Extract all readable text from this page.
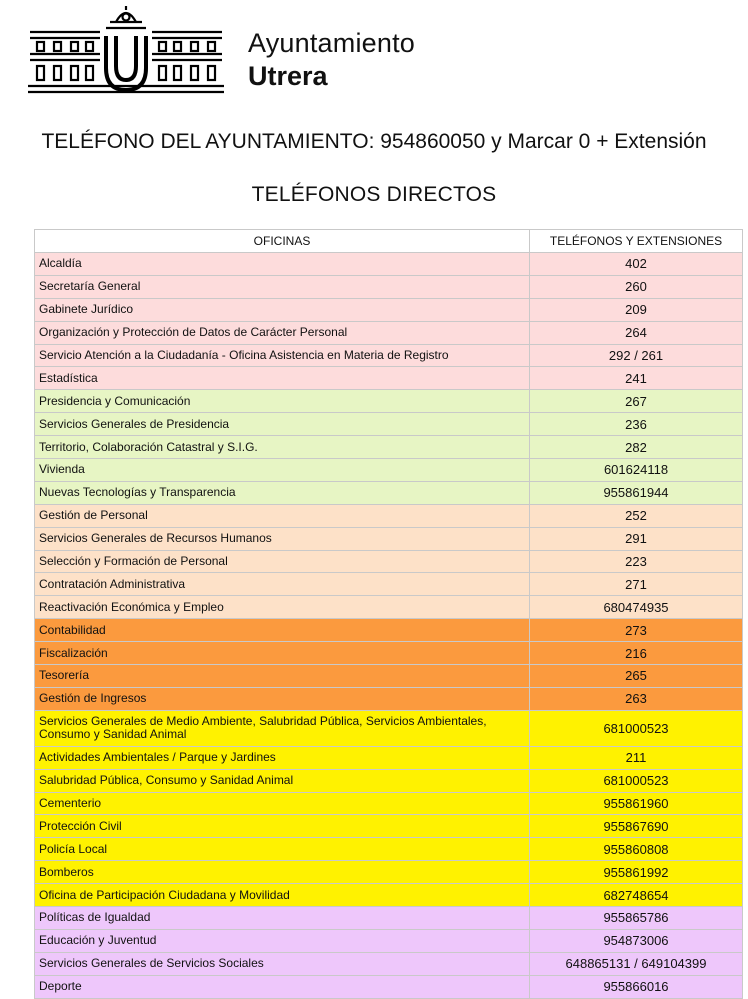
Ayuntamiento
Utrera
TELÉFONO DEL AYUNTAMIENTO: 954860050 y Marcar 0 + Extensión
TELÉFONOS DIRECTOS
OFICINAS	TELÉFONOS Y EXTENSIONES
Alcaldía	402
Secretaría General	260
Gabinete Jurídico	209
Organización y Protección de Datos de Carácter Personal	264
Servicio Atención a la Ciudadanía - Oficina Asistencia en Materia de Registro	292 / 261
Estadística	241
Presidencia y Comunicación	267
Servicios Generales de Presidencia	236
Territorio, Colaboración Catastral y S.I.G.	282
Vivienda	601624118
Nuevas Tecnologías y Transparencia	955861944
Gestión de Personal	252
Servicios Generales de Recursos Humanos	291
Selección y Formación de Personal	223
Contratación Administrativa	271
Reactivación Económica y Empleo	680474935
Contabilidad	273
Fiscalización	216
Tesorería	265
Gestión de Ingresos	263
Servicios Generales de Medio Ambiente, Salubridad Pública, Servicios Ambientales, Consumo y Sanidad Animal	681000523
Actividades Ambientales / Parque y Jardines	211
Salubridad Pública, Consumo y Sanidad Animal	681000523
Cementerio	955861960
Protección Civil	955867690
Policía Local	955860808
Bomberos	955861992
Oficina de Participación Ciudadana y Movilidad	682748654
Políticas de Igualdad	955865786
Educación y Juventud	954873006
Servicios Generales de Servicios Sociales	648865131 / 649104399
Deporte	955866016
